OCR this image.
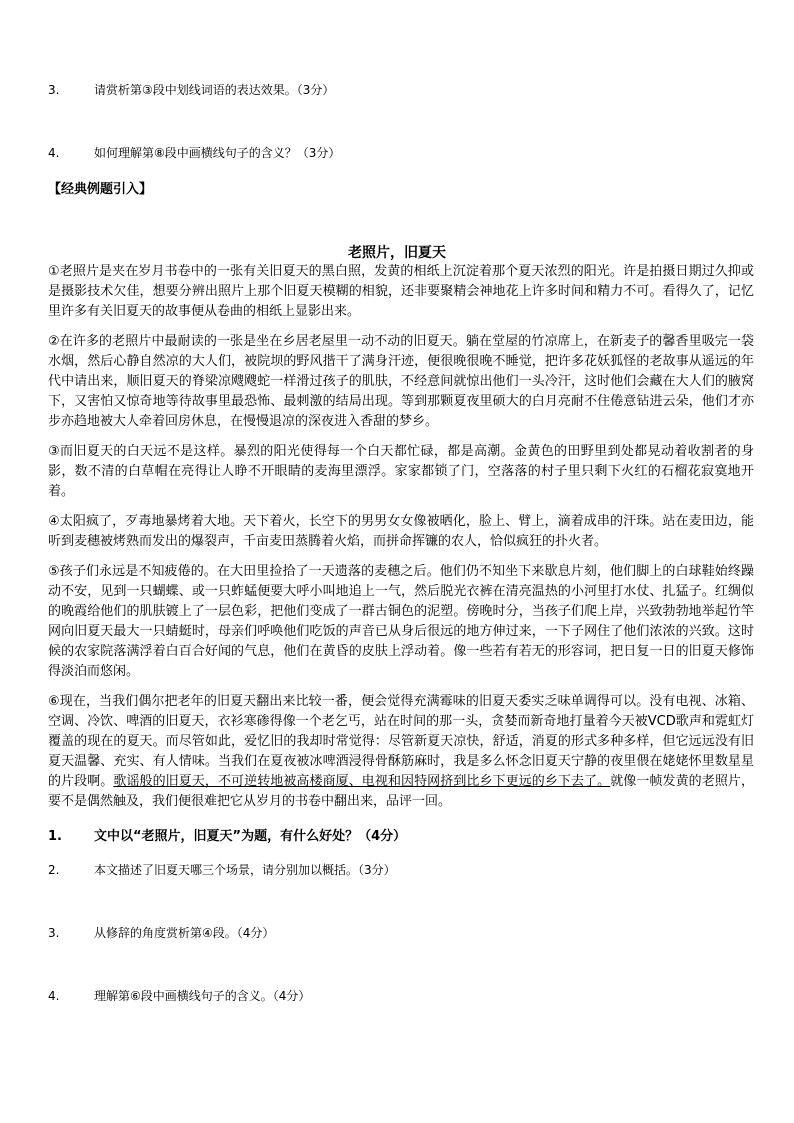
3.	请赏析第③段中划线词语的表达效果。（3分）
4.	如何理解第⑧段中画横线句子的含义？（3分）
【经典例题引入】
老照片，旧夏天

①老照片是夹在岁月书卷中的一张有关旧夏天的黑白照，发黄的相纸上沉淀着那个夏天浓烈的阳光。许是拍摄日期过久抑或是摄影技术欠佳，想要分辨出照片上那个旧夏天模糊的相貌，还非要聚精会神地花上许多时间和精力不可。看得久了，记忆里许多有关旧夏天的故事便从卷曲的相纸上显影出来。

②在许多的老照片中最耐读的一张是坐在乡居老屋里一动不动的旧夏天。躺在堂屋的竹凉席上，在新麦子的馨香里吸完一袋水烟，然后心静自然凉的大人们，被院坝的野风揩干了满身汗迹，便很晚很晚不睡觉，把许多花妖狐怪的老故事从遥远的年代中请出来，顺旧夏天的脊梁凉飕飕蛇一样滑过孩子的肌肤，不经意间就惊出他们一头冷汗，这时他们会藏在大人们的腋窝下，又害怕又惊奇地等待故事里最恐怖、最刺激的结局出现。等到那颗夏夜里硕大的白月亮耐不住倦意钻进云朵，他们才亦步亦趋地被大人牵着回房休息，在慢慢退凉的深夜进入香甜的梦乡。

③而旧夏天的白天远不是这样。暴烈的阳光使得每一个白天都忙碌，都是高潮。金黄色的田野里到处都晃动着收割者的身影，数不清的白草帽在亮得让人睁不开眼睛的麦海里漂浮。家家都锁了门，空落落的村子里只剩下火红的石榴花寂寞地开着。

④太阳疯了，歹毒地暴烤着大地。天下着火，长空下的男男女女像被晒化，脸上、臂上，滴着成串的汗珠。站在麦田边，能听到麦穗被烤熟而发出的爆裂声，千亩麦田蒸腾着火焰，而拼命挥镰的农人，恰似疯狂的扑火者。

⑤孩子们永远是不知疲倦的。在大田里捡拾了一天遗落的麦穗之后。他们仍不知坐下来歇息片刻，他们脚上的白球鞋始终躁动不安，见到一只蝴蝶、或一只蚱蜢便要大呼小叫地追上一气，然后脱光衣裤在清亮温热的小河里打水仗、扎猛子。红绸似的晚霞给他们的肌肤镀上了一层色彩，把他们变成了一群古铜色的泥塑。傍晚时分，当孩子们爬上岸，兴致勃勃地举起竹竿网向旧夏天最大一只蜻蜓时，母亲们呼唤他们吃饭的声音已从身后很远的地方伸过来，一下子网住了他们浓浓的兴致。这时候的农家院落满浮着白百合好闻的气息，他们在黄昏的皮肤上浮动着。像一些若有若无的形容词，把日复一日的旧夏天修饰得淡泊而悠闲。

⑥现在，当我们偶尔把老年的旧夏天翻出来比较一番，便会觉得充满霉味的旧夏天委实乏味单调得可以。没有电视、冰箱、空调、冷饮、啤酒的旧夏天，衣衫寒碜得像一个老乞丐，站在时间的那一头，贪婪而新奇地打量着今天被VCD歌声和霓虹灯覆盖的现在的夏天。而尽管如此，爱忆旧的我却时常觉得：尽管新夏天凉快，舒适，消夏的形式多种多样，但它远远没有旧夏天温馨、充实、有人情味。当我们在夏夜被冰啤酒浸得骨酥筋麻时，我是多么怀念旧夏天宁静的夜里偎在姥姥怀里数星星的片段啊。歌谣般的旧夏天，不可逆转地被高楼商厦、电视和因特网挤到比乡下更远的乡下去了。就像一帧发黄的老照片，要不是偶然触及，我们便很难把它从岁月的书卷中翻出来，品评一回。

1. 文中以“老照片，旧夏天”为题，有什么好处？（4分）
2.	本文描述了旧夏天哪三个场景，请分别加以概括。（3分）
3.	从修辞的角度赏析第④段。（4分）
4.	理解第⑥段中画横线句子的含义。（4分）
